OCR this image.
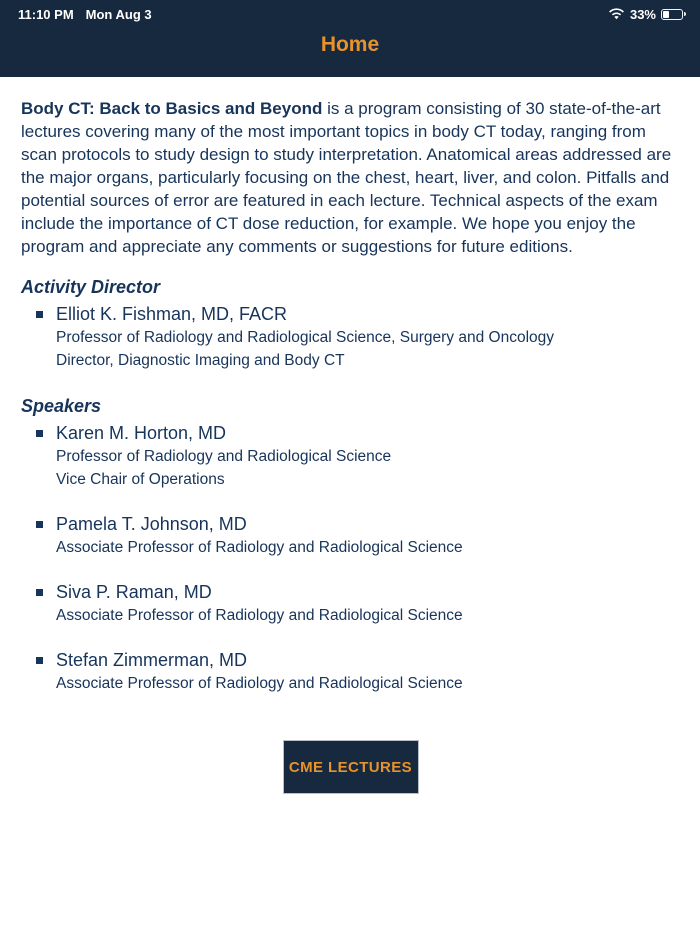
11:10 PM Mon Aug 3	33%
Home

Body CT: Back to Basics and Beyond is a program consisting of 30 state-of-the-art lectures covering many of the most important topics in body CT today, ranging from scan protocols to study design to study interpretation. Anatomical areas addressed are the major organs, particularly focusing on the chest, heart, liver, and colon. Pitfalls and potential sources of error are featured in each lecture. Technical aspects of the exam include the importance of CT dose reduction, for example. We hope you enjoy the program and appreciate any comments or suggestions for future editions.

Activity Director
Elliot K. Fishman, MD, FACR
Professor of Radiology and Radiological Science, Surgery and Oncology
Director, Diagnostic Imaging and Body CT
Speakers
Karen M. Horton, MD
Professor of Radiology and Radiological Science
Vice Chair of Operations
Pamela T. Johnson, MD
Associate Professor of Radiology and Radiological Science
Siva P. Raman, MD
Associate Professor of Radiology and Radiological Science
Stefan Zimmerman, MD
Associate Professor of Radiology and Radiological Science
CME LECTURES
